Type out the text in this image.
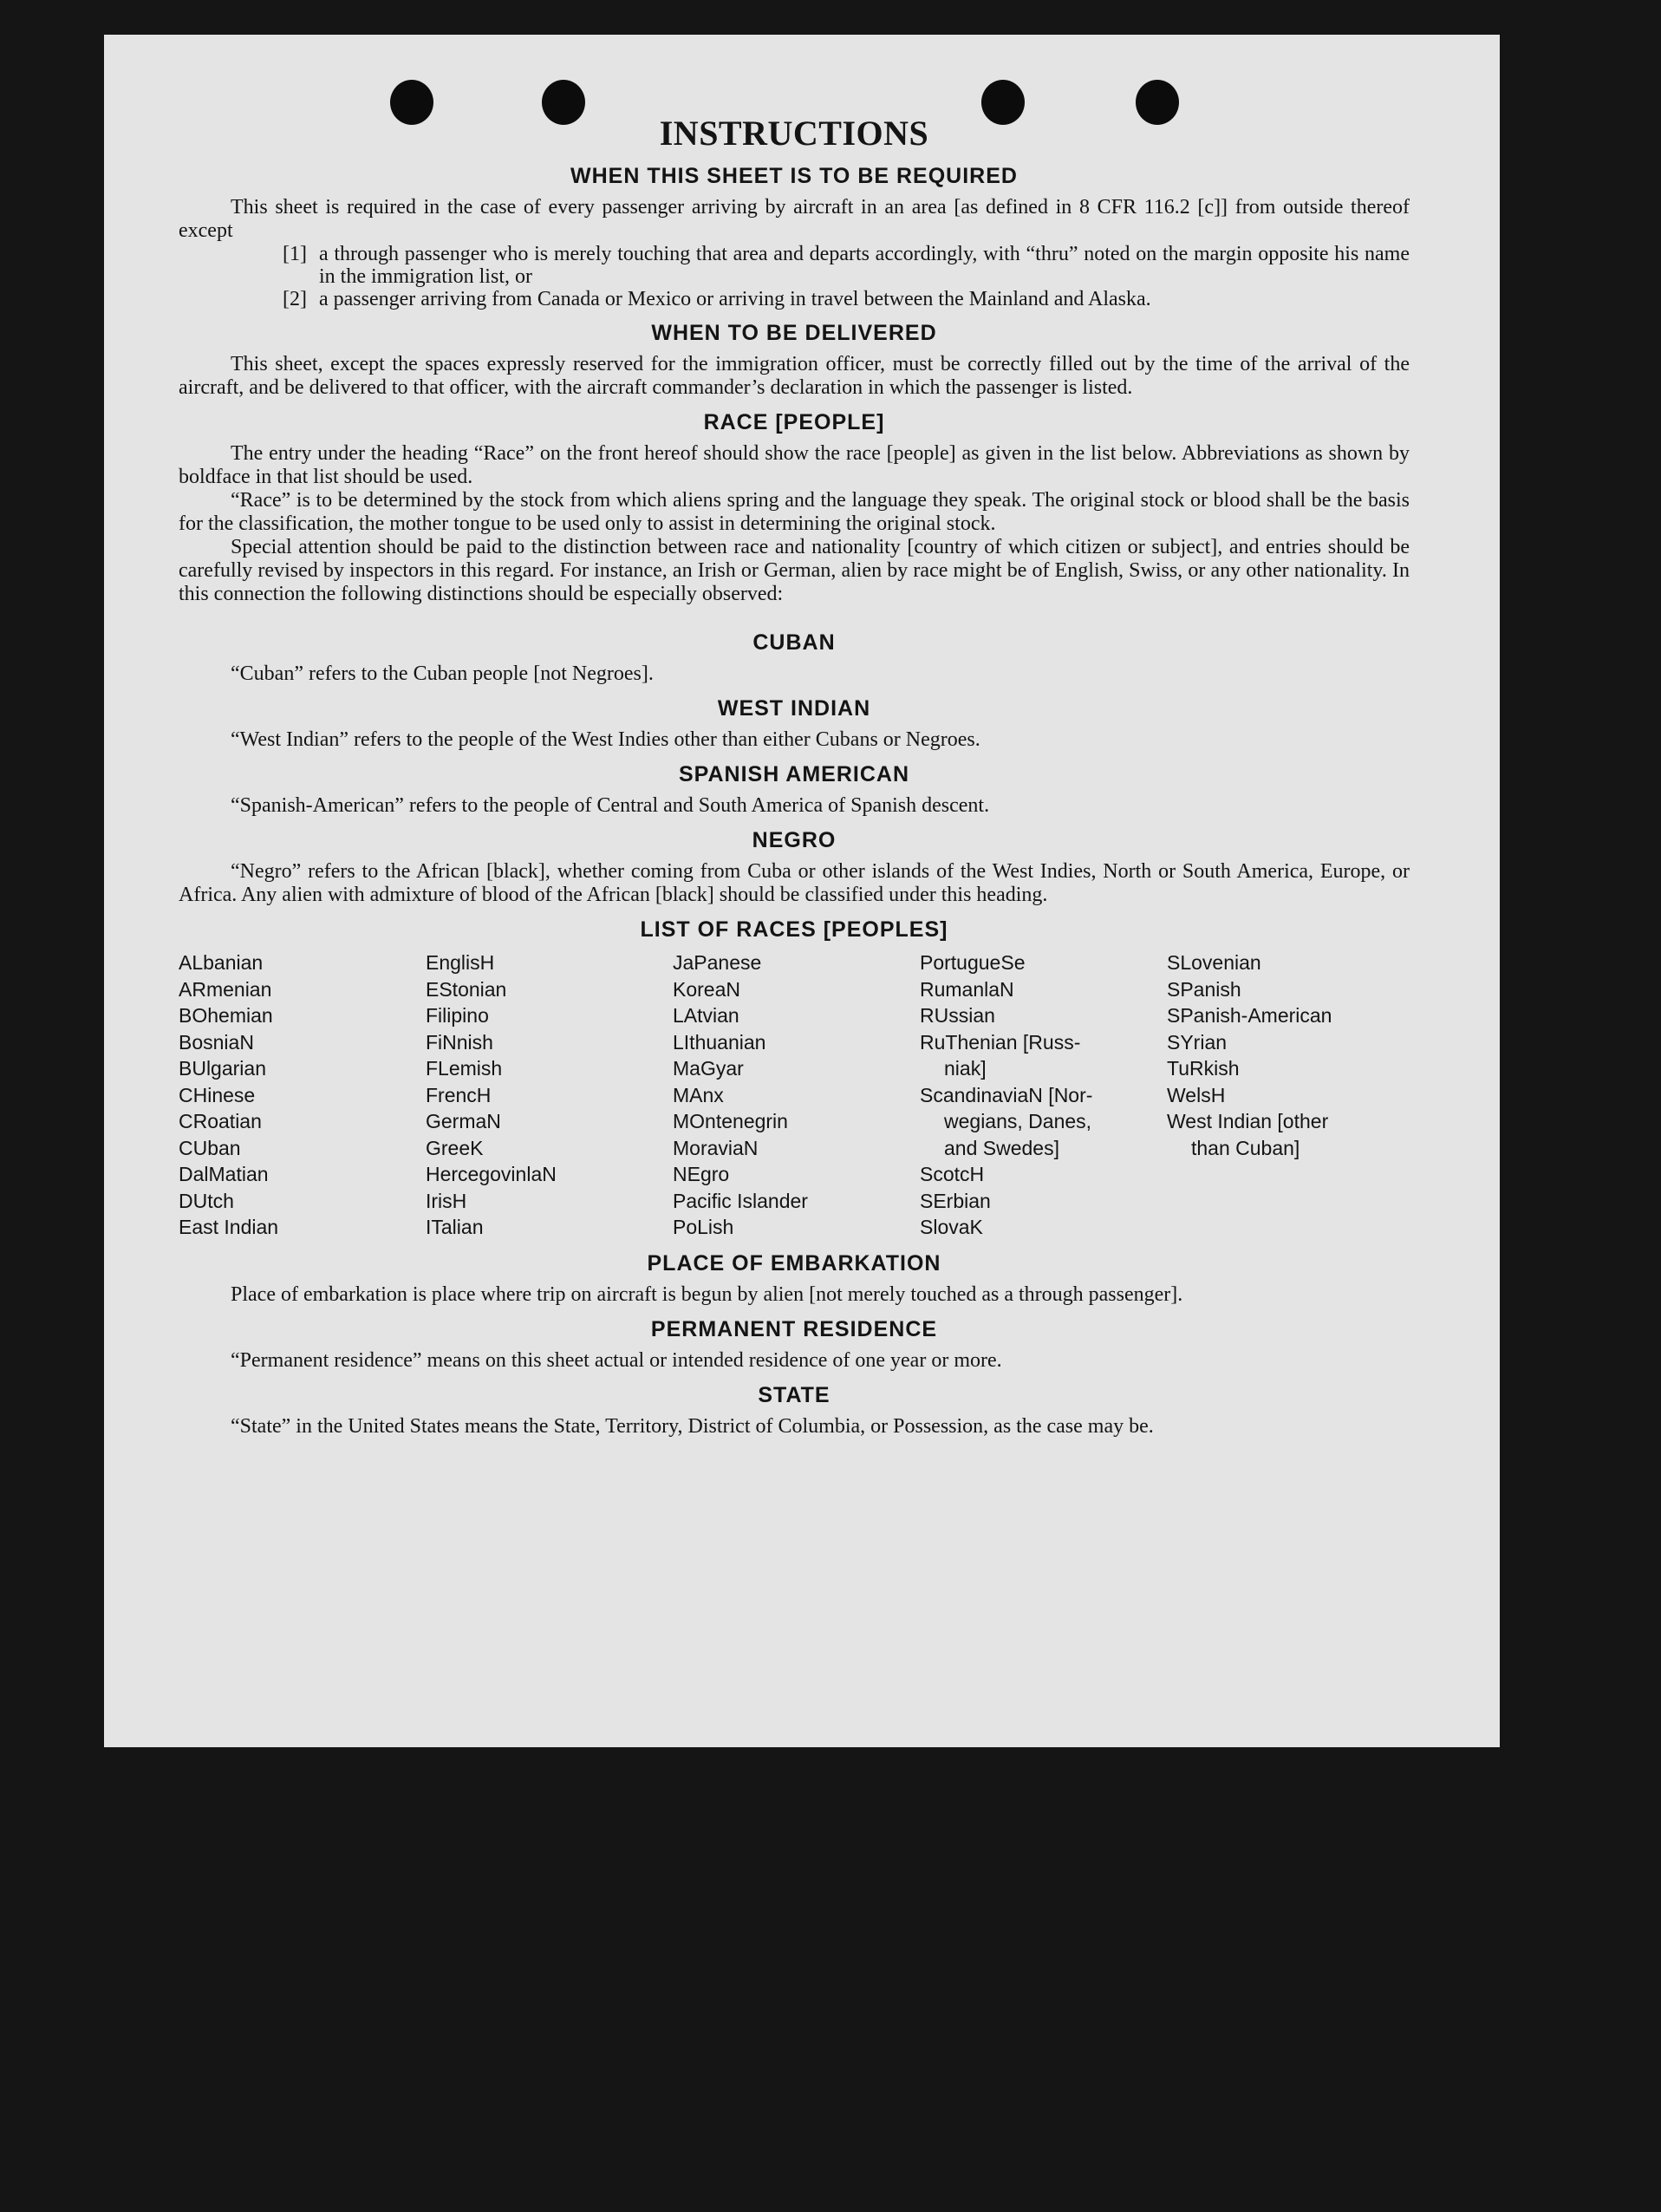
INSTRUCTIONS
WHEN THIS SHEET IS TO BE REQUIRED

This sheet is required in the case of every passenger arriving by aircraft in an area [as defined in 8 CFR 116.2 [c]] from outside thereof except

[1] a through passenger who is merely touching that area and departs accordingly, with “thru” noted on the margin opposite his name in the immigration list, or
[2] a passenger arriving from Canada or Mexico or arriving in travel between the Mainland and Alaska.
WHEN TO BE DELIVERED

This sheet, except the spaces expressly reserved for the immigration officer, must be correctly filled out by the time of the arrival of the aircraft, and be delivered to that officer, with the aircraft commander’s declaration in which the passenger is listed.

RACE [PEOPLE]

The entry under the heading “Race” on the front hereof should show the race [people] as given in the list below. Abbreviations as shown by boldface in that list should be used.

“Race” is to be determined by the stock from which aliens spring and the language they speak. The original stock or blood shall be the basis for the classification, the mother tongue to be used only to assist in determining the original stock.

Special attention should be paid to the distinction between race and nationality [country of which citizen or subject], and entries should be carefully revised by inspectors in this regard. For instance, an Irish or German, alien by race might be of English, Swiss, or any other nationality. In this connection the following distinctions should be especially observed:

CUBAN

“Cuban” refers to the Cuban people [not Negroes].

WEST INDIAN

“West Indian” refers to the people of the West Indies other than either Cubans or Negroes.

SPANISH AMERICAN

“Spanish-American” refers to the people of Central and South America of Spanish descent.

NEGRO

“Negro” refers to the African [black], whether coming from Cuba or other islands of the West Indies, North or South America, Europe, or Africa. Any alien with admixture of blood of the African [black] should be classified under this heading.

LIST OF RACES [PEOPLES]
ALbanian
ARmenian
BOhemian
BosniaN
BUlgarian
CHinese
CRoatian
CUban
DalMatian
DUtch
East Indian
EnglisH
EStonian
Filipino
FiNnish
FLemish
FrencH
GermaN
GreeK
HercegovinlaN
IrisH
ITalian
JaPanese
KoreaN
LAtvian
LIthuanian
MaGyar
MAnx
MOntenegrin
MoraviaN
NEgro
Pacific Islander
PoLish
PortugueSe
RumanlaN
RUssian
RuThenian [Russ-
niak]
ScandinaviaN [Nor-
wegians, Danes,
and Swedes]
ScotcH
SErbian
SlovaK
SLovenian
SPanish
SPanish-American
SYrian
TuRkish
WelsH
West Indian [other
than Cuban]
PLACE OF EMBARKATION

Place of embarkation is place where trip on aircraft is begun by alien [not merely touched as a through passenger].

PERMANENT RESIDENCE

“Permanent residence” means on this sheet actual or intended residence of one year or more.

STATE

“State” in the United States means the State, Territory, District of Columbia, or Possession, as the case may be.
